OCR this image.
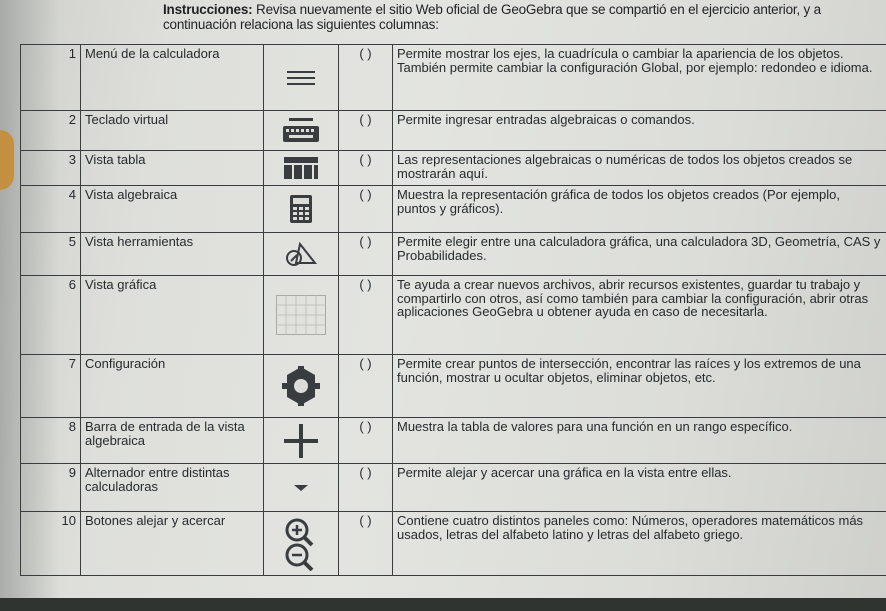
Instrucciones: Revisa nuevamente el sitio Web oficial de GeoGebra que se compartió en el ejercicio anterior, y a continuación relaciona las siguientes columnas:
1	Menú de la calculadora		( )	Permite mostrar los ejes, la cuadrícula o cambiar la apariencia de los objetos. También permite cambiar la configuración Global, por ejemplo: redondeo e idioma.
2	Teclado virtual		( )	Permite ingresar entradas algebraicas o comandos.
3	Vista tabla		( )	Las representaciones algebraicas o numéricas de todos los objetos creados se mostrarán aquí.
4	Vista algebraica		( )	Muestra la representación gráfica de todos los objetos creados (Por ejemplo, puntos y gráficos).
5	Vista herramientas		( )	Permite elegir entre una calculadora gráfica, una calculadora 3D, Geometría, CAS y Probabilidades.
6	Vista gráfica		( )	Te ayuda a crear nuevos archivos, abrir recursos existentes, guardar tu trabajo y compartirlo con otros, así como también para cambiar la configuración, abrir otras aplicaciones GeoGebra u obtener ayuda en caso de necesitarla.
7	Configuración		( )	Permite crear puntos de intersección, encontrar las raíces y los extremos de una función, mostrar u ocultar objetos, eliminar objetos, etc.
8	Barra de entrada de la vista algebraica		( )	Muestra la tabla de valores para una función en un rango específico.
9	Alternador entre distintas calculadoras		( )	Permite alejar y acercar una gráfica en la vista entre ellas.
10	Botones alejar y acercar		( )	Contiene cuatro distintos paneles como: Números, operadores matemáticos más usados, letras del alfabeto latino y letras del alfabeto griego.
